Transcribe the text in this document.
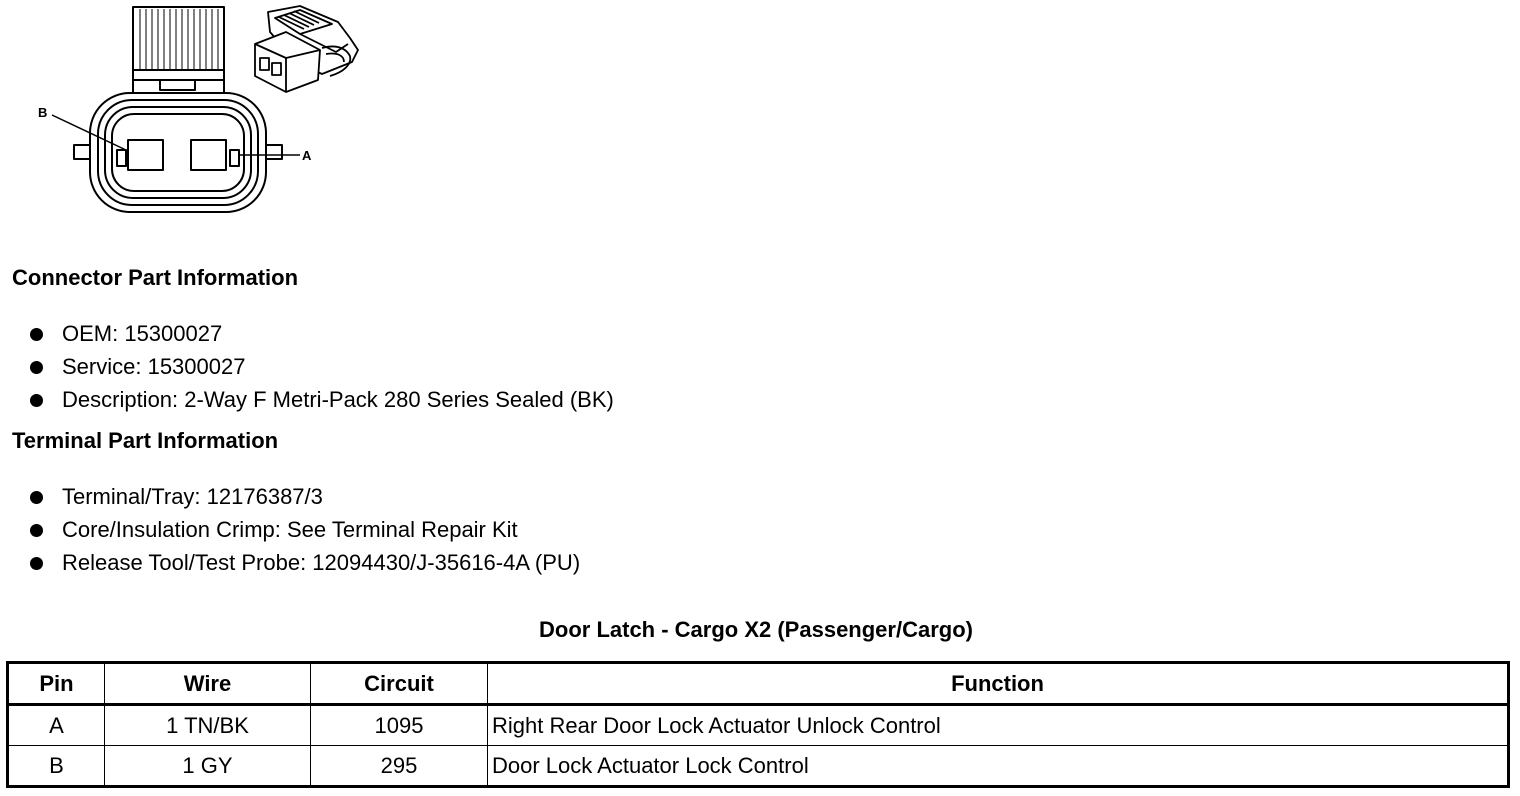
B
A
Connector Part Information
OEM: 15300027
Service: 15300027
Description: 2-Way F Metri-Pack 280 Series Sealed (BK)
Terminal Part Information
Terminal/Tray: 12176387/3
Core/Insulation Crimp: See Terminal Repair Kit
Release Tool/Test Probe: 12094430/J-35616-4A (PU)
Door Latch - Cargo X2 (Passenger/Cargo)
Pin	Wire	Circuit	Function
A	1 TN/BK	1095	Right Rear Door Lock Actuator Unlock Control
B	1 GY	295	Door Lock Actuator Lock Control
